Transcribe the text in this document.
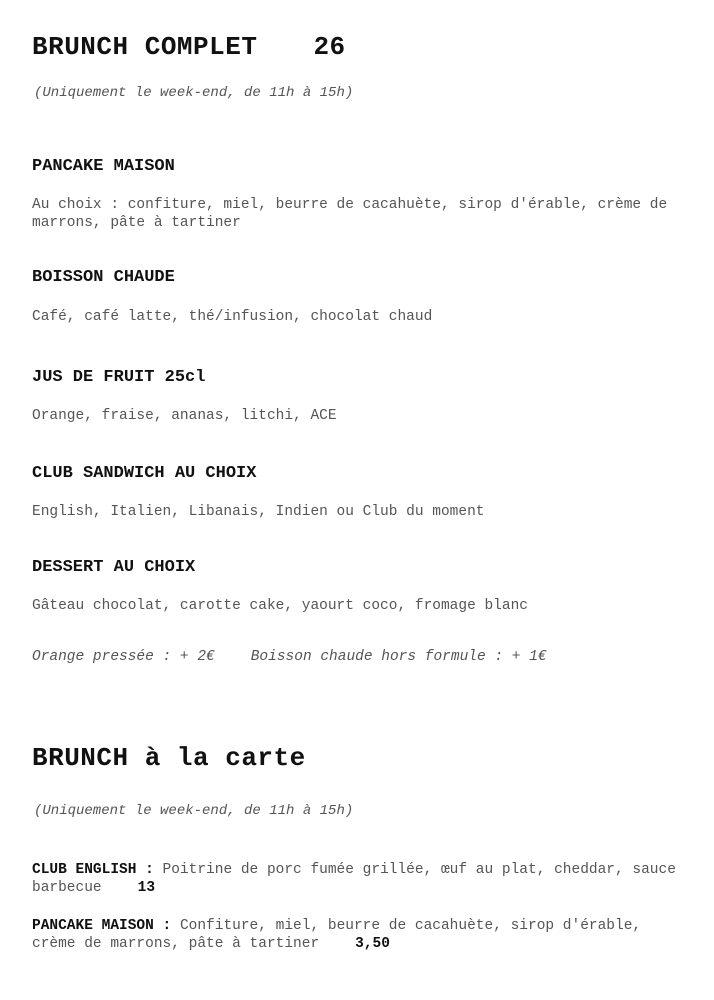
BRUNCH COMPLET 26
(Uniquement le week-end, de 11h à 15h)
PANCAKE MAISON
Au choix : confiture, miel, beurre de cacahuète, sirop d'érable, crème de marrons, pâte à tartiner
BOISSON CHAUDE
Café, café latte, thé/infusion, chocolat chaud
JUS DE FRUIT 25cl
Orange, fraise, ananas, litchi, ACE
CLUB SANDWICH AU CHOIX
English, Italien, Libanais, Indien ou Club du moment
DESSERT AU CHOIX
Gâteau chocolat, carotte cake, yaourt coco, fromage blanc
Orange pressée : + 2€ Boisson chaude hors formule : + 1€
BRUNCH à la carte
(Uniquement le week-end, de 11h à 15h)
CLUB ENGLISH : Poitrine de porc fumée grillée, œuf au plat, cheddar, sauce barbecue 13
PANCAKE MAISON : Confiture, miel, beurre de cacahuète, sirop d'érable, crème de marrons, pâte à tartiner 3,50
